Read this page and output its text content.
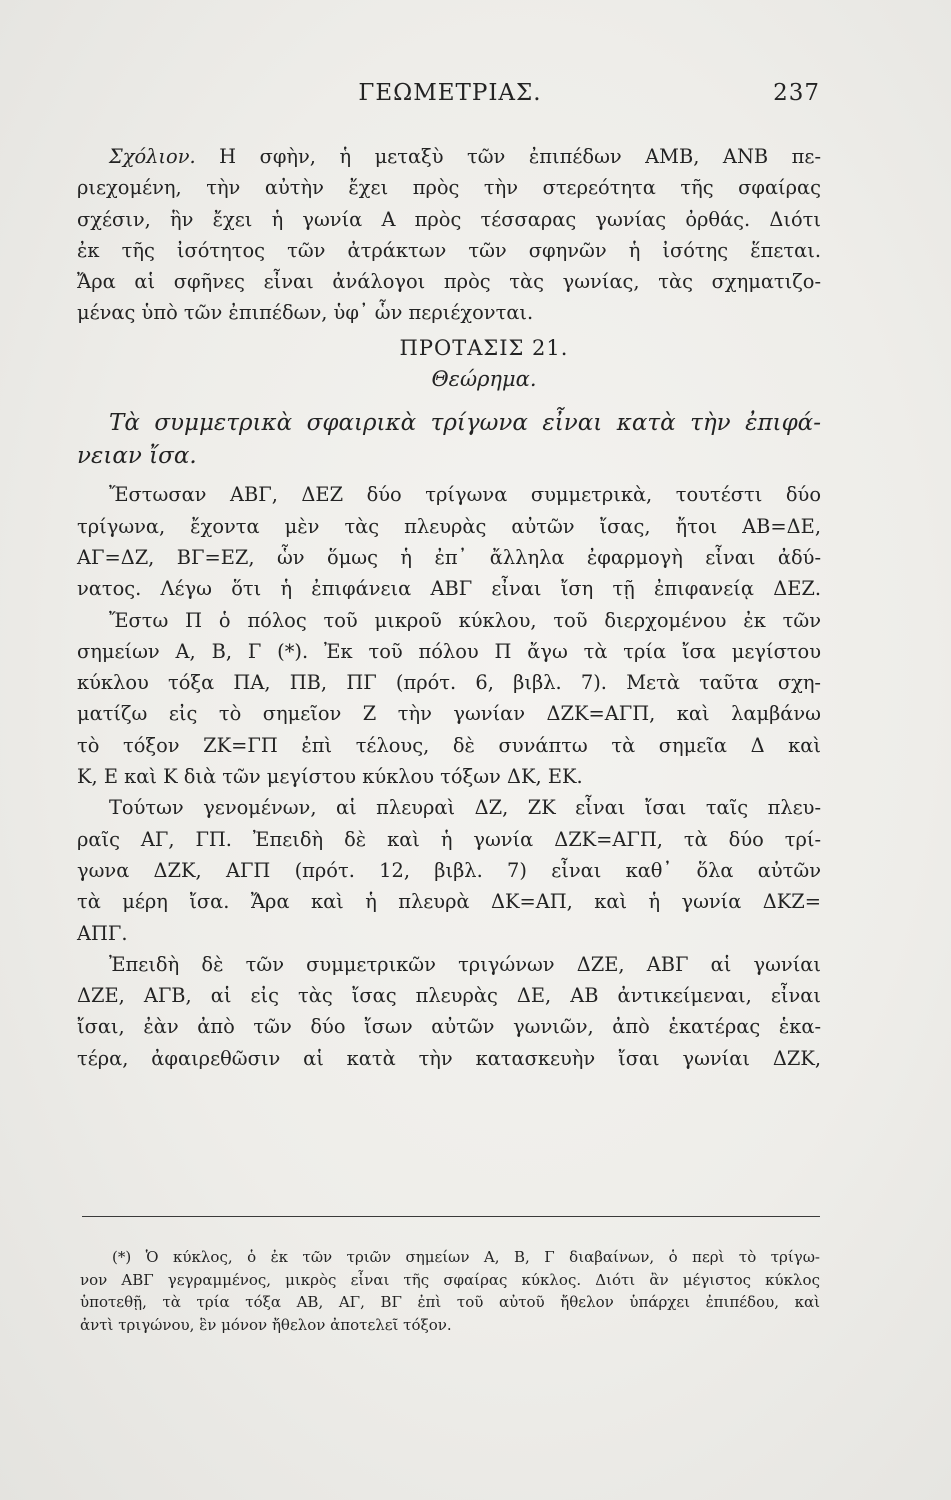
ΓΕΩΜΕΤΡΙΑΣ.	237
Σχόλιον. Η σφὴν, ἡ μεταξὺ τῶν ἐπιπέδων ΑΜΒ, ΑΝΒ πε-
ριεχομένη, τὴν αὐτὴν ἔχει πρὸς τὴν στερεότητα τῆς σφαίρας
σχέσιν, ἣν ἔχει ἡ γωνία Α πρὸς τέσσαρας γωνίας ὀρθάς. Διότι
ἐκ τῆς ἰσότητος τῶν ἀτράκτων τῶν σφηνῶν ἡ ἰσότης ἕπεται.
Ἄρα αἱ σφῆνες εἶναι ἀνάλογοι πρὸς τὰς γωνίας, τὰς σχηματιζο-
μένας ὑπὸ τῶν ἐπιπέδων, ὑφ᾽ ὧν περιέχονται.
ΠΡΟΤΑΣΙΣ 21.
Θεώρημα.
Τὰ συμμετρικὰ σφαιρικὰ τρίγωνα εἶναι κατὰ τὴν ἐπιφά-
νειαν ἴσα.
Ἔστωσαν ΑΒΓ, ΔΕΖ δύο τρίγωνα συμμετρικὰ, τουτέστι δύο
τρίγωνα, ἔχοντα μὲν τὰς πλευρὰς αὐτῶν ἴσας, ἤτοι ΑΒ=ΔΕ,
ΑΓ=ΔΖ, ΒΓ=ΕΖ, ὧν ὅμως ἡ ἐπ᾽ ἄλληλα ἐφαρμογὴ εἶναι ἀδύ-
νατος. Λέγω ὅτι ἡ ἐπιφάνεια ΑΒΓ εἶναι ἴση τῇ ἐπιφανείᾳ ΔΕΖ.
Ἔστω Π ὁ πόλος τοῦ μικροῦ κύκλου, τοῦ διερχομένου ἐκ τῶν
σημείων Α, Β, Γ (*). Ἐκ τοῦ πόλου Π ἄγω τὰ τρία ἴσα μεγίστου
κύκλου τόξα ΠΑ, ΠΒ, ΠΓ (πρότ. 6, βιβλ. 7). Μετὰ ταῦτα σχη-
ματίζω εἰς τὸ σημεῖον Ζ τὴν γωνίαν ΔΖΚ=ΑΓΠ, καὶ λαμβάνω
τὸ τόξον ΖΚ=ΓΠ ἐπὶ τέλους, δὲ συνάπτω τὰ σημεῖα Δ καὶ
Κ, Ε καὶ Κ διὰ τῶν μεγίστου κύκλου τόξων ΔΚ, ΕΚ.
Τούτων γενομένων, αἱ πλευραὶ ΔΖ, ΖΚ εἶναι ἴσαι ταῖς πλευ-
ραῖς ΑΓ, ΓΠ. Ἐπειδὴ δὲ καὶ ἡ γωνία ΔΖΚ=ΑΓΠ, τὰ δύο τρί-
γωνα ΔΖΚ, ΑΓΠ (πρότ. 12, βιβλ. 7) εἶναι καθ᾽ ὅλα αὐτῶν
τὰ μέρη ἴσα. Ἄρα καὶ ἡ πλευρὰ ΔΚ=ΑΠ, καὶ ἡ γωνία ΔΚΖ=
ΑΠΓ.
Ἐπειδὴ δὲ τῶν συμμετρικῶν τριγώνων ΔΖΕ, ΑΒΓ αἱ γωνίαι
ΔΖΕ, ΑΓΒ, αἱ εἰς τὰς ἴσας πλευρὰς ΔΕ, ΑΒ ἀντικείμεναι, εἶναι
ἴσαι, ἐὰν ἀπὸ τῶν δύο ἴσων αὐτῶν γωνιῶν, ἀπὸ ἑκατέρας ἑκα-
τέρα, ἀφαιρεθῶσιν αἱ κατὰ τὴν κατασκευὴν ἴσαι γωνίαι ΔΖΚ,
(*) Ὁ κύκλος, ὁ ἐκ τῶν τριῶν σημείων Α, Β, Γ διαβαίνων, ὁ περὶ τὸ τρίγω-
νον ΑΒΓ γεγραμμένος, μικρὸς εἶναι τῆς σφαίρας κύκλος. Διότι ἂν μέγιστος κύκλος
ὑποτεθῇ, τὰ τρία τόξα ΑΒ, ΑΓ, ΒΓ ἐπὶ τοῦ αὐτοῦ ἤθελον ὑπάρχει ἐπιπέδου, καὶ
ἀντὶ τριγώνου, ἓν μόνον ἤθελον ἀποτελεῖ τόξον.
